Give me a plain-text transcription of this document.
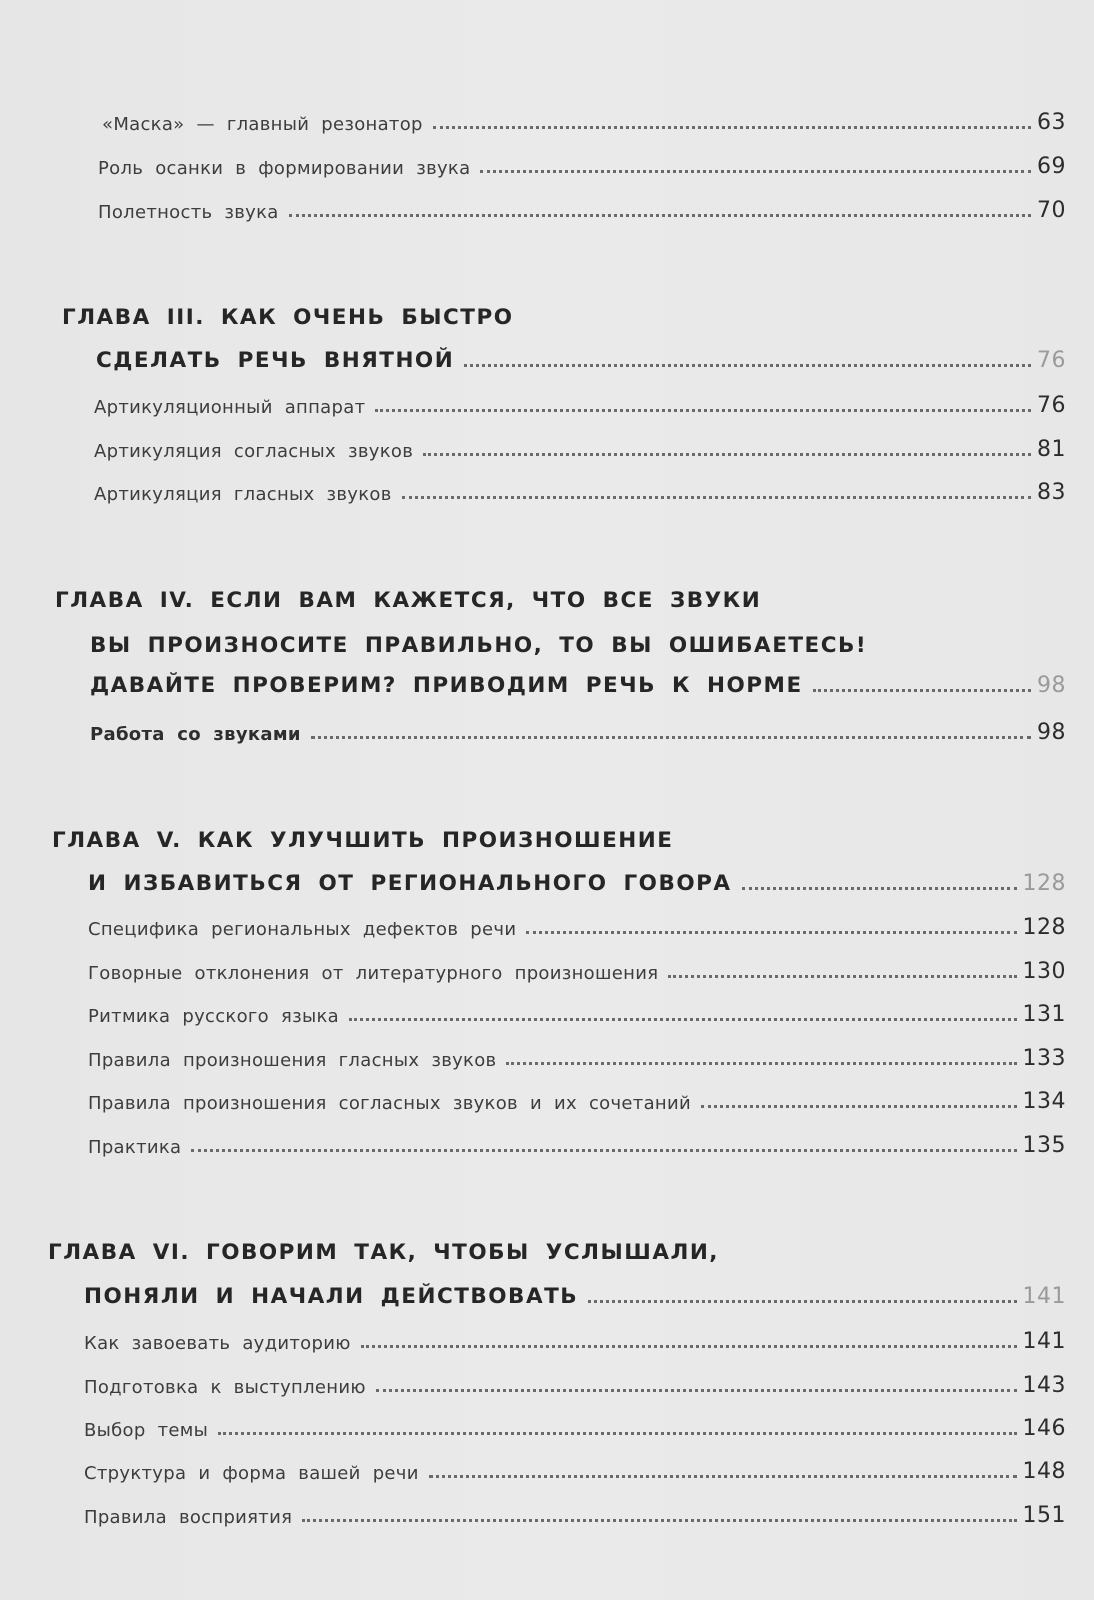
«Маска» — главный резонатор	63
Роль осанки в формировании звука	69
Полетность звука	70
ГЛАВА III. КАК ОЧЕНЬ БЫСТРО
СДЕЛАТЬ РЕЧЬ ВНЯТНОЙ	76
Артикуляционный аппарат	76
Артикуляция согласных звуков	81
Артикуляция гласных звуков	83
ГЛАВА IV. ЕСЛИ ВАМ КАЖЕТСЯ, ЧТО ВСЕ ЗВУКИ
ВЫ ПРОИЗНОСИТЕ ПРАВИЛЬНО, ТО ВЫ ОШИБАЕТЕСЬ!
ДАВАЙТЕ ПРОВЕРИМ? ПРИВОДИМ РЕЧЬ К НОРМЕ	98
Работа со звуками	98
ГЛАВА V. КАК УЛУЧШИТЬ ПРОИЗНОШЕНИЕ
И ИЗБАВИТЬСЯ ОТ РЕГИОНАЛЬНОГО ГОВОРА	128
Специфика региональных дефектов речи	128
Говорные отклонения от литературного произношения	130
Ритмика русского языка	131
Правила произношения гласных звуков	133
Правила произношения согласных звуков и их сочетаний	134
Практика	135
ГЛАВА VI. ГОВОРИМ ТАК, ЧТОБЫ УСЛЫШАЛИ,
ПОНЯЛИ И НАЧАЛИ ДЕЙСТВОВАТЬ	141
Как завоевать аудиторию	141
Подготовка к выступлению	143
Выбор темы	146
Структура и форма вашей речи	148
Правила восприятия	151
